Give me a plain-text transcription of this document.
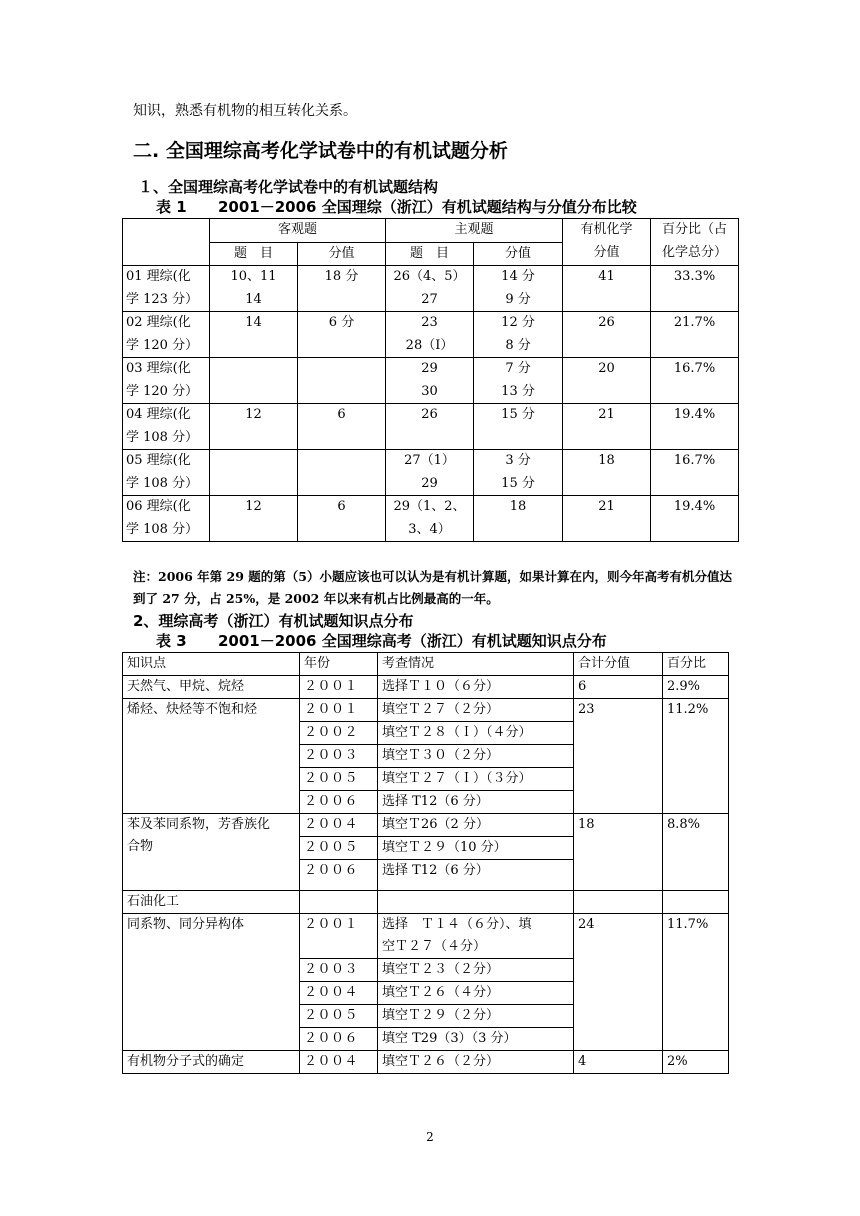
知识，熟悉有机物的相互转化关系。
二. 全国理综高考化学试卷中的有机试题分析
１、全国理综高考化学试卷中的有机试题结构
表 1      2001－2006 全国理综（浙江）有机试题结构与分值分布比较

	客观题		主观题		有机化学
分值	百分比（占
化学总分）

	题　目	分值	题　目	分值		

01 理综(化
学 123 分）	10、11
14	18 分	26（4、5）
27	14 分
9 分	41	33.3%

02 理综(化
学 120 分）	14	6 分	23
28（I）	12 分
8 分	26	21.7%

03 理综(化
学 120 分）			29
30	7 分
13 分	20	16.7%

04 理综(化
学 108 分）	12	6	26	15 分	21	19.4%

05 理综(化
学 108 分）			27（1）
29	3 分
15 分	18	16.7%

06 理综(化
学 108 分）	12	6	29（1、2、
3、4）	18	21	19.4%
注：2006 年第 29 题的第（5）小题应该也可以认为是有机计算题，如果计算在内，则今年高考有机分值达到了 27 分，占 25%，是 2002 年以来有机占比例最高的一年。
2、理综高考（浙江）有机试题知识点分布
表 3      2001－2006 全国理综高考（浙江）有机试题知识点分布
知识点	年份	考查情况	合计分值	百分比

天然气、甲烷、烷烃	２００１	选择Ｔ１０（６分）	6	2.9%

烯烃、炔烃等不饱和烃	２００１	填空Ｔ２７（２分）	23	11.2%

	２００２	填空Ｔ２８（Ｉ）（４分）		

	２００３	填空Ｔ３０（２分）		

	２００５	填空Ｔ２７（Ｉ）（３分）		

	２００６	选择 T12（6 分）		

苯及苯同系物，芳香族化
合物	２００４	填空Ｔ26（2 分）	18	8.8%

	２００５	填空Ｔ２９（10 分）		

	２００６	选择 T12（6 分）		

石油化工				

同系物、同分异构体	２００１	选择　Ｔ１４（６分）、填
空Ｔ２７（４分）	24	11.7%

	２００３	填空Ｔ２３（２分）		

	２００４	填空Ｔ２６（４分）		

	２００５	填空Ｔ２９（２分）		

	２００６	填空 T29（3）（3 分）		

有机物分子式的确定	２００４	填空Ｔ２６（２分）	4	2%
2
